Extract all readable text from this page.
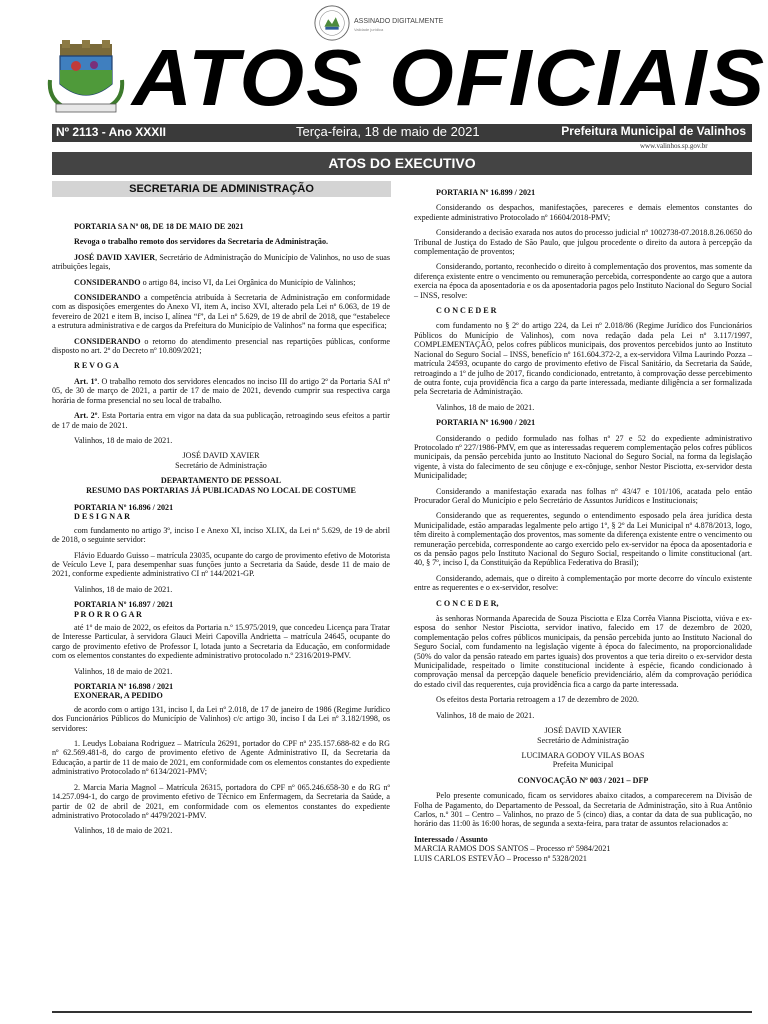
ASSINADO DIGITALMENTE
Validade jurídica
ATOS OFICIAIS
Nº 2113 - Ano XXXII	Terça-feira, 18 de maio de 2021	Prefeitura Municipal de Valinhos
www.valinhos.sp.gov.br
ATOS DO EXECUTIVO
SECRETARIA DE ADMINISTRAÇÃO

PORTARIA SA Nº 08, DE 18 DE MAIO DE 2021

Revoga o trabalho remoto dos servidores da Secretaria de Administração.

JOSÉ DAVID XAVIER, Secretário de Administração do Município de Valinhos, no uso de suas atribuições legais,

CONSIDERANDO o artigo 84, inciso VI, da Lei Orgânica do Município de Valinhos;

CONSIDERANDO a competência atribuída à Secretaria de Administração em conformidade com as disposições emergentes do Anexo VI, item A, inciso XVI, alterado pela Lei nº 6.063, de 19 de fevereiro de 2021 e item B, inciso I, alínea “f”, da Lei nº 5.629, de 19 de abril de 2018, que “estabelece a estrutura administrativa e de cargos da Prefeitura do Município de Valinhos” na forma que especifica;

CONSIDERANDO o retorno do atendimento presencial nas repartições públicas, conforme disposto no art. 2º do Decreto nº 10.809/2021;

R E V O G A

Art. 1º. O trabalho remoto dos servidores elencados no inciso III do artigo 2º da Portaria SAI nº 05, de 30 de março de 2021, a partir de 17 de maio de 2021, devendo cumprir sua respectiva carga horária de forma presencial no seu local de trabalho.

Art. 2º. Esta Portaria entra em vigor na data da sua publicação, retroagindo seus efeitos a partir de 17 de maio de 2021.

Valinhos, 18 de maio de 2021.

JOSÉ DAVID XAVIER

Secretário de Administração

DEPARTAMENTO DE PESSOAL

RESUMO DAS PORTARIAS JÁ PUBLICADAS NO LOCAL DE COSTUME

PORTARIA Nº 16.896 / 2021

D E S I G N A R

com fundamento no artigo 3º, inciso I e Anexo XI, inciso XLIX, da Lei nº 5.629, de 19 de abril de 2018, o seguinte servidor:

Flávio Eduardo Guisso – matrícula 23035, ocupante do cargo de provimento efetivo de Motorista de Veículo Leve I, para desempenhar suas funções junto a Secretaria da Saúde, desde 11 de maio de 2021, conforme expediente administrativo CI nº 144/2021-GP.

Valinhos, 18 de maio de 2021.

PORTARIA Nº 16.897 / 2021

P R O R R O G A R

até 1º de maio de 2022, os efeitos da Portaria n.º 15.975/2019, que concedeu Licença para Tratar de Interesse Particular, à servidora Glauci Meiri Capovilla Andrietta – matrícula 24645, ocupante do cargo de provimento efetivo de Professor I, lotada junto a Secretaria da Educação, em conformidade com os elementos constantes do expediente administrativo protocolado n.º 2316/2019-PMV.

Valinhos, 18 de maio de 2021.

PORTARIA Nº 16.898 / 2021

EXONERAR, A PEDIDO

de acordo com o artigo 131, inciso I, da Lei nº 2.018, de 17 de janeiro de 1986 (Regime Jurídico dos Funcionários Públicos do Município de Valinhos) c/c artigo 30, inciso I da Lei nº 3.182/1998, os servidores:

1. Leudys Lobaiana Rodriguez – Matrícula 26291, portador do CPF nº 235.157.688-82 e do RG nº 62.569.481-8, do cargo de provimento efetivo de Agente Administrativo II, da Secretaria da Educação, a partir de 11 de maio de 2021, em conformidade com os elementos constantes do expediente administrativo Protocolado nº 6134/2021-PMV;

2. Marcia Maria Magnol – Matrícula 26315, portadora do CPF nº 065.246.658-30 e do RG nº 14.257.094-1, do cargo de provimento efetivo de Técnico em Enfermagem, da Secretaria da Saúde, a partir de 02 de abril de 2021, em conformidade com os elementos constantes do expediente administrativo Protocolado nº 4479/2021-PMV.

Valinhos, 18 de maio de 2021.

PORTARIA Nº 16.899 / 2021

Considerando os despachos, manifestações, pareceres e demais elementos constantes do expediente administrativo Protocolado nº 16604/2018-PMV;

Considerando a decisão exarada nos autos do processo judicial nº 1002738-07.2018.8.26.0650 do Tribunal de Justiça do Estado de São Paulo, que julgou procedente o direito da autora à percepção da complementação de proventos;

Considerando, portanto, reconhecido o direito à complementação dos proventos, mas somente da diferença existente entre o vencimento ou remuneração percebida, correspondente ao cargo que a autora exercia na época da aposentadoria e os da aposentadoria pagos pelo Instituto Nacional do Seguro Social – INSS, resolve:

C O N C E D E R

com fundamento no § 2º do artigo 224, da Lei nº 2.018/86 (Regime Jurídico dos Funcionários Públicos do Município de Valinhos), com nova redação dada pela Lei nº 3.117/1997, COMPLEMENTAÇÃO, pelos cofres públicos municipais, dos proventos percebidos junto ao Instituto Nacional do Seguro Social – INSS, benefício nº 161.604.372-2, a ex-servidora Vilma Laurindo Pozza – matrícula 24593, ocupante do cargo de provimento efetivo de Fiscal Sanitário, da Secretaria da Saúde, retroagindo a 1º de julho de 2017, ficando condicionado, entretanto, à comprovação desse percebimento de outra fonte, cuja providência fica a cargo da parte interessada, mediante diligência a ser formalizada pela Secretaria de Administração.

Valinhos, 18 de maio de 2021.

PORTARIA Nº 16.900 / 2021

Considerando o pedido formulado nas folhas nº 27 e 52 do expediente administrativo Protocolado nº 227/1986-PMV, em que as interessadas requerem complementação pelos cofres públicos municipais, da pensão percebida junto ao Instituto Nacional do Seguro Social, na forma da legislação vigente, à vista do falecimento de seu cônjuge e ex-cônjuge, senhor Nestor Pisciotta, ex-servidor desta Municipalidade;

Considerando a manifestação exarada nas folhas nº 43/47 e 101/106, acatada pelo então Procurador Geral do Município e pelo Secretário de Assuntos Jurídicos e Institucionais;

Considerando que as requerentes, segundo o entendimento esposado pela área jurídica desta Municipalidade, estão amparadas legalmente pelo artigo 1º, § 2º da Lei Municipal nº 4.878/2013, logo, têm direito à complementação dos proventos, mas somente da diferença existente entre o vencimento ou remuneração percebida, correspondente ao cargo exercido pelo ex-servidor na época da aposentadoria e os da pensão pagos pelo Instituto Nacional do Seguro Social, respeitando o limite constitucional (art. 40, § 7º, inciso I, da Constituição da República Federativa do Brasil);

Considerando, ademais, que o direito à complementação por morte decorre do vínculo existente entre as requerentes e o ex-servidor, resolve:

C O N C E D E R,

às senhoras Normanda Aparecida de Souza Pisciotta e Elza Corrêa Vianna Pisciotta, viúva e ex-esposa do senhor Nestor Pisciotta, servidor inativo, falecido em 17 de dezembro de 2020, complementação pelos cofres públicos municipais, da pensão percebida junto ao Instituto Nacional do Seguro Social, com fundamento na legislação vigente à época do falecimento, na proporcionalidade (50% do valor da pensão rateado em partes iguais) dos proventos a que teria direito o ex-servidor desta Municipalidade, respeitado o limite constitucional incidente à espécie, ficando condicionado à comprovação mensal da percepção daquele benefício previdenciário, além da comprovação periódica do estado civil das requerentes, cuja providência fica a cargo da parte interessada.

Os efeitos desta Portaria retroagem a 17 de dezembro de 2020.

Valinhos, 18 de maio de 2021.

JOSÉ DAVID XAVIER

Secretário de Administração

LUCIMARA GODOY VILAS BOAS

Prefeita Municipal

CONVOCAÇÃO Nº 003 / 2021 – DFP

Pelo presente comunicado, ficam os servidores abaixo citados, a comparecerem na Divisão de Folha de Pagamento, do Departamento de Pessoal, da Secretaria de Administração, sito à Rua Antônio Carlos, n.º 301 – Centro – Valinhos, no prazo de 5 (cinco) dias, a contar da data de sua publicação, no horário das 11:00 às 16:00 horas, de segunda a sexta-feira, para tratar de assuntos relacionados a:

Interessado / Assunto

MARCIA RAMOS DOS SANTOS – Processo nº 5984/2021

LUIS CARLOS ESTEVÃO – Processo nº 5328/2021
